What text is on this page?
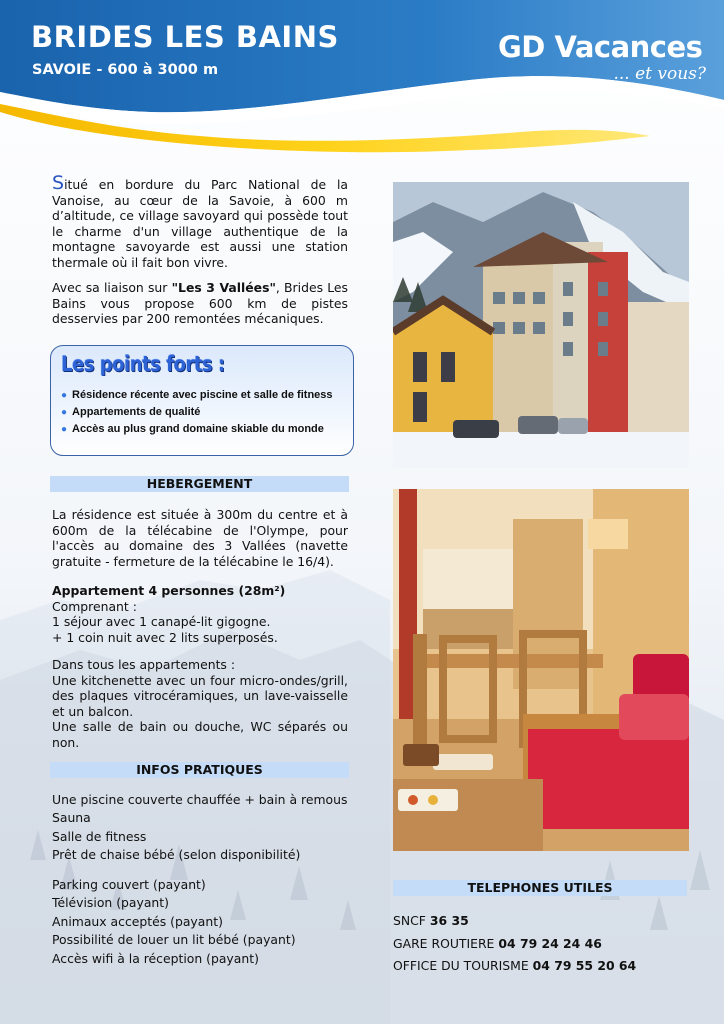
BRIDES LES BAINS
SAVOIE - 600 à 3000 m
GD Vacances
... et vous?

Situé en bordure du Parc National de la Vanoise, au cœur de la Savoie, à 600 m d’altitude, ce village savoyard qui possède tout le charme d'un village authentique de la montagne savoyarde est aussi une station thermale où il fait bon vivre.

Avec sa liaison sur "Les 3 Vallées", Brides Les Bains vous propose 600 km de pistes desservies par 200 remontées mécaniques.

Les points forts :
● Résidence récente avec piscine et salle de fitness
● Appartements de qualité
● Accès au plus grand domaine skiable du monde
HEBERGEMENT

La résidence est située à 300m du centre et à 600m de la télécabine de l'Olympe, pour l'accès au domaine des 3 Vallées (navette gratuite - fermeture de la télécabine le 16/4).

Appartement 4 personnes (28m²)
Comprenant :
1 séjour avec 1 canapé-lit gigogne.
+ 1 coin nuit avec 2 lits superposés.

Dans tous les appartements :
Une kitchenette avec un four micro-ondes/grill, des plaques vitrocéramiques, un lave-vaisselle et un balcon.

Une salle de bain ou douche, WC séparés ou non.

INFOS PRATIQUES
Une piscine couverte chauffée + bain à remous
Sauna
Salle de fitness
Prêt de chaise bébé (selon disponibilité)
Parking couvert (payant)
Télévision (payant)
Animaux acceptés (payant)
Possibilité de louer un lit bébé (payant)
Accès wifi à la réception (payant)
TELEPHONES UTILES
SNCF 36 35
GARE ROUTIERE 04 79 24 24 46
OFFICE DU TOURISME 04 79 55 20 64
